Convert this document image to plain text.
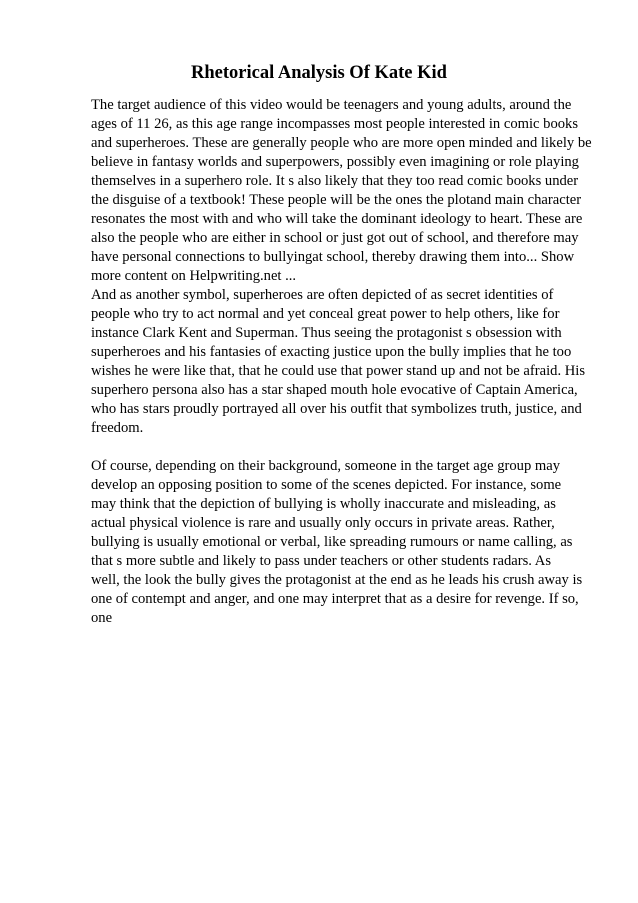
Rhetorical Analysis Of Kate Kid

The target audience of this video would be teenagers and young adults, around the

ages of 11 26, as this age range incompasses most people interested in comic books

and superheroes. These are generally people who are more open minded and likely be

believe in fantasy worlds and superpowers, possibly even imagining or role playing

themselves in a superhero role. It s also likely that they too read comic books under

the disguise of a textbook! These people will be the ones the plotand main character

resonates the most with and who will take the dominant ideology to heart. These are

also the people who are either in school or just got out of school, and therefore may

have personal connections to bullyingat school, thereby drawing them into... Show

more content on Helpwriting.net ...

And as another symbol, superheroes are often depicted of as secret identities of

people who try to act normal and yet conceal great power to help others, like for

instance Clark Kent and Superman. Thus seeing the protagonist s obsession with

superheroes and his fantasies of exacting justice upon the bully implies that he too

wishes he were like that, that he could use that power stand up and not be afraid. His

superhero persona also has a star shaped mouth hole evocative of Captain America,

who has stars proudly portrayed all over his outfit that symbolizes truth, justice, and

freedom.

Of course, depending on their background, someone in the target age group may

develop an opposing position to some of the scenes depicted. For instance, some

may think that the depiction of bullying is wholly inaccurate and misleading, as

actual physical violence is rare and usually only occurs in private areas. Rather,

bullying is usually emotional or verbal, like spreading rumours or name calling, as

that s more subtle and likely to pass under teachers or other students radars. As

well, the look the bully gives the protagonist at the end as he leads his crush away is

one of contempt and anger, and one may interpret that as a desire for revenge. If so,

one
